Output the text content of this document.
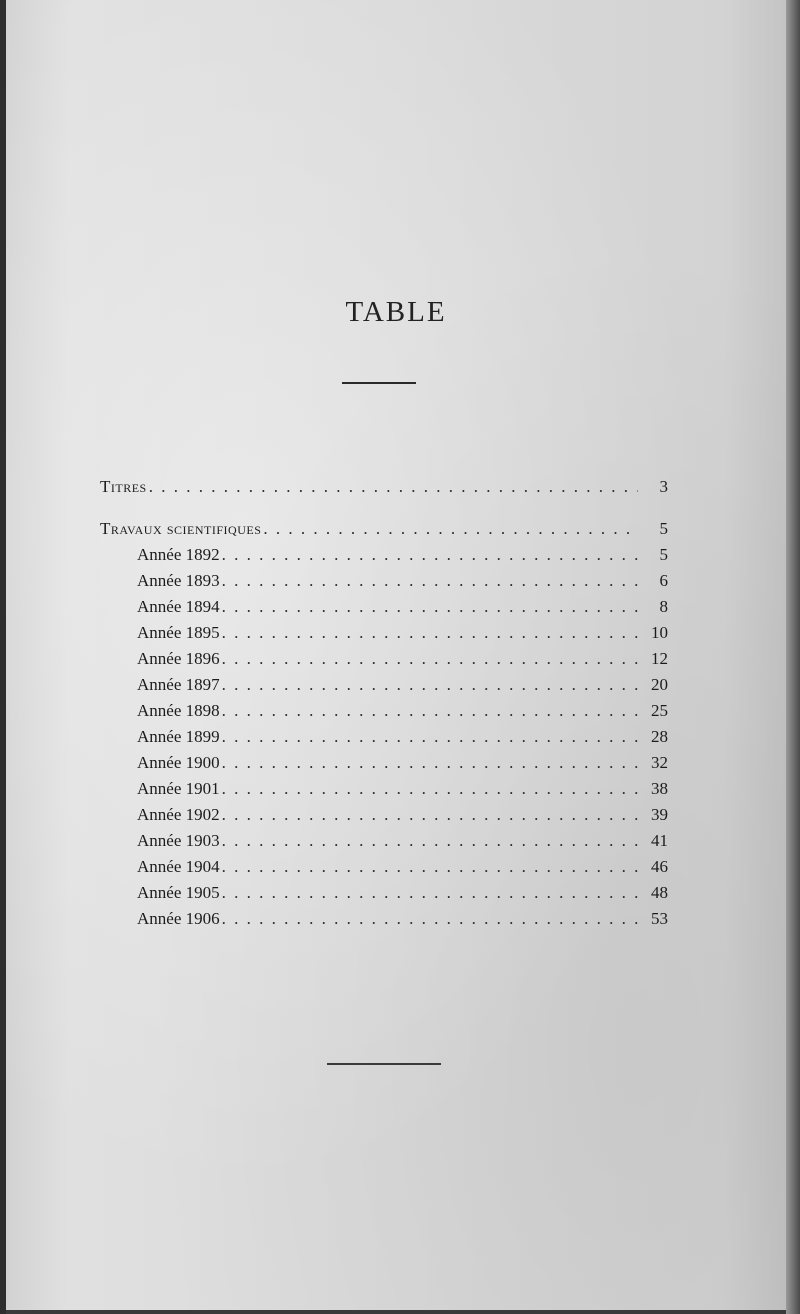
TABLE
Titres . . .	3
Travaux scientifiques . . .	5
Année 1892 . . .	5
Année 1893 . . .	6
Année 1894 . . .	8
Année 1895 . . .	10
Année 1896 . . .	12
Année 1897 . . .	20
Année 1898 . . .	25
Année 1899 . . .	28
Année 1900 . . .	32
Année 1901 . . .	38
Année 1902 . . .	39
Année 1903 . . .	41
Année 1904 . . .	46
Année 1905 . . .	48
Année 1906 . . .	53
